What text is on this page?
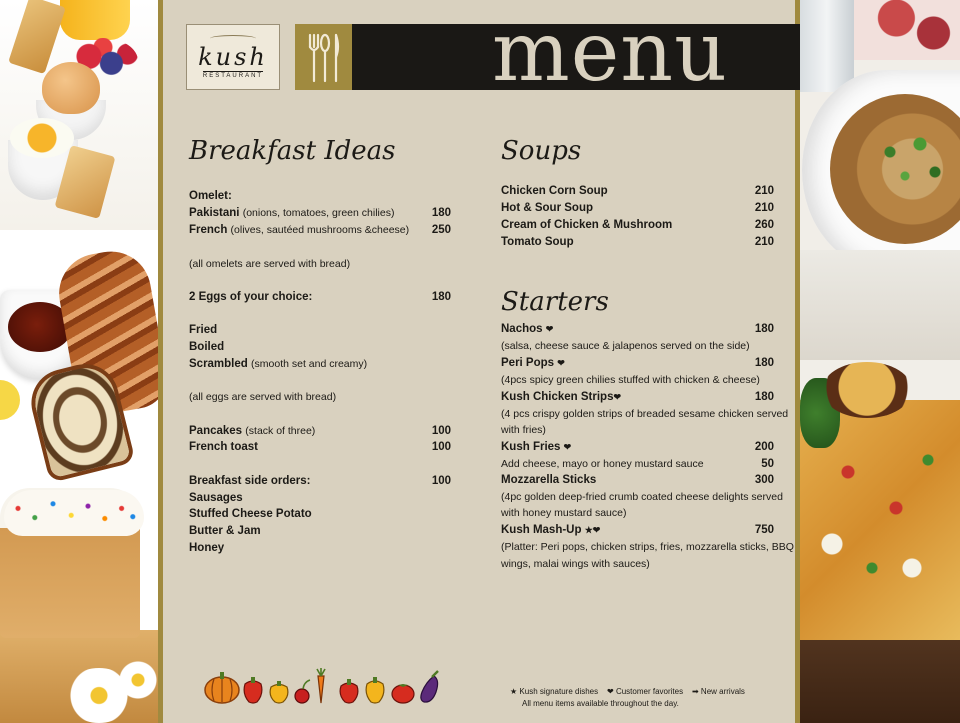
menu
kush
RESTAURANT
Breakfast Ideas
Omelet:
Pakistani (onions, tomatoes, green chilies)	180
French (olives, sautéed mushrooms &cheese)	250
(all omelets are served with bread)
2 Eggs of your choice:	180
Fried
Boiled
Scrambled (smooth set and creamy)
(all eggs are served with bread)
Pancakes (stack of three)	100
French toast	100
Breakfast side orders:	100
Sausages
Stuffed Cheese Potato
Butter & Jam
Honey
Soups
Chicken Corn Soup	210
Hot & Sour Soup	210
Cream of Chicken & Mushroom	260
Tomato Soup	210
Starters
Nachos ❤	180
(salsa, cheese sauce & jalapenos served on the side)
Peri Pops ❤	180
(4pcs spicy green chilies stuffed with chicken & cheese)
Kush Chicken Strips❤	180
(4 pcs crispy golden strips of breaded sesame chicken served
with fries)
Kush Fries ❤	200
Add cheese, mayo or honey mustard sauce	50
Mozzarella Sticks	300
(4pc golden deep-fried crumb coated cheese delights served
with honey mustard sauce)
Kush Mash-Up ★❤	750
(Platter: Peri pops, chicken strips, fries, mozzarella sticks, BBQ
wings, malai wings with sauces)
★ Kush signature dishes ❤ Customer favorites ➡ New arrivals
All menu items available throughout the day.
